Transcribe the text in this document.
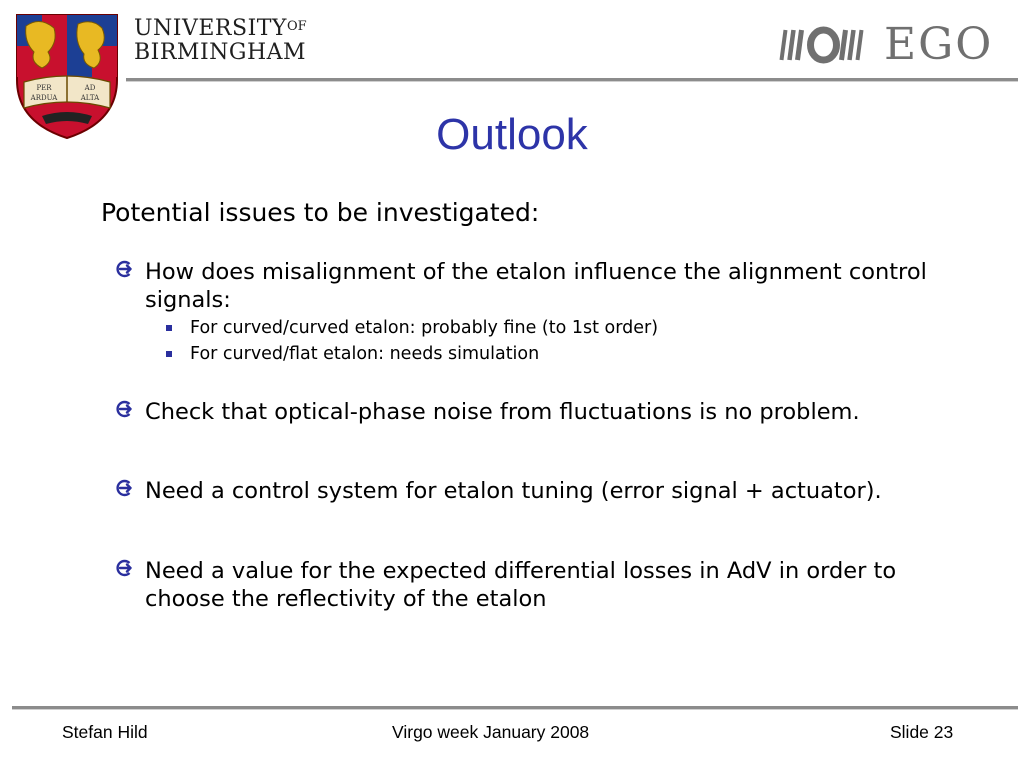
PER	AD
ARDUA	ALTA
$UNIVERSITY^{OF}$
BIRMINGHAM	EGO
Outlook
Potential issues to be investigated:
How does misalignment of the etalon influence the alignment control signals:
For curved/curved etalon: probably fine (to 1st order)
For curved/flat etalon: needs simulation
Check that optical-phase noise from fluctuations is no problem.
Need a control system for etalon tuning (error signal + actuator).
Need a value for the expected differential losses in AdV in order to choose the reflectivity of the etalon
Stefan Hild	Virgo week January 2008	Slide 23
